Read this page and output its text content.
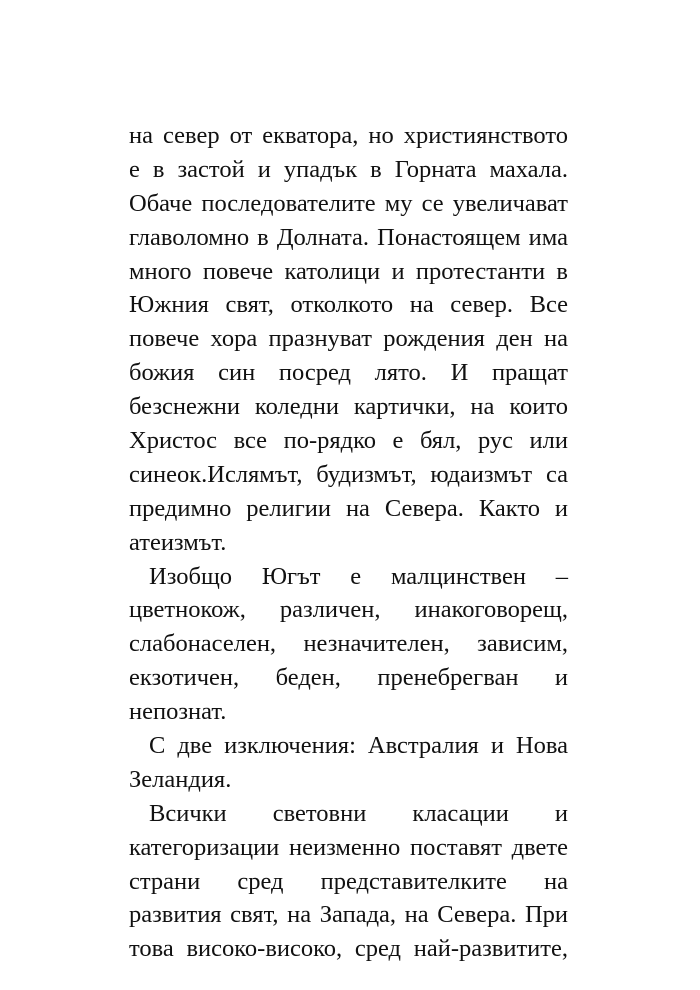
на север от екватора, но християнството
е в застой и упадък в Горната махала.
Обаче последователите му се увеличават
главоломно в Долната. Понастоящем има
много повече католици и протестанти в
Южния свят, отколкото на север. Все
повече хора празнуват рождения ден на
божия син посред лято. И пращат
безснежни коледни картички, на които
Христос все по-рядко е бял, рус или
синеок.Ислямът, будизмът, юдаизмът са
предимно религии на Севера. Както и
атеизмът.
Изобщо Югът е малцинствен –
цветнокож, различен, инакоговорещ,
слабонаселен, незначителен, зависим,
екзотичен, беден, пренебрегван и
непознат.
С две изключения: Австралия и Нова
Зеландия.
Всички световни класации и
категоризации неизменно поставят двете
страни сред представителките на
развития свят, на Запада, на Севера. При
това високо-високо, сред най-развитите,
